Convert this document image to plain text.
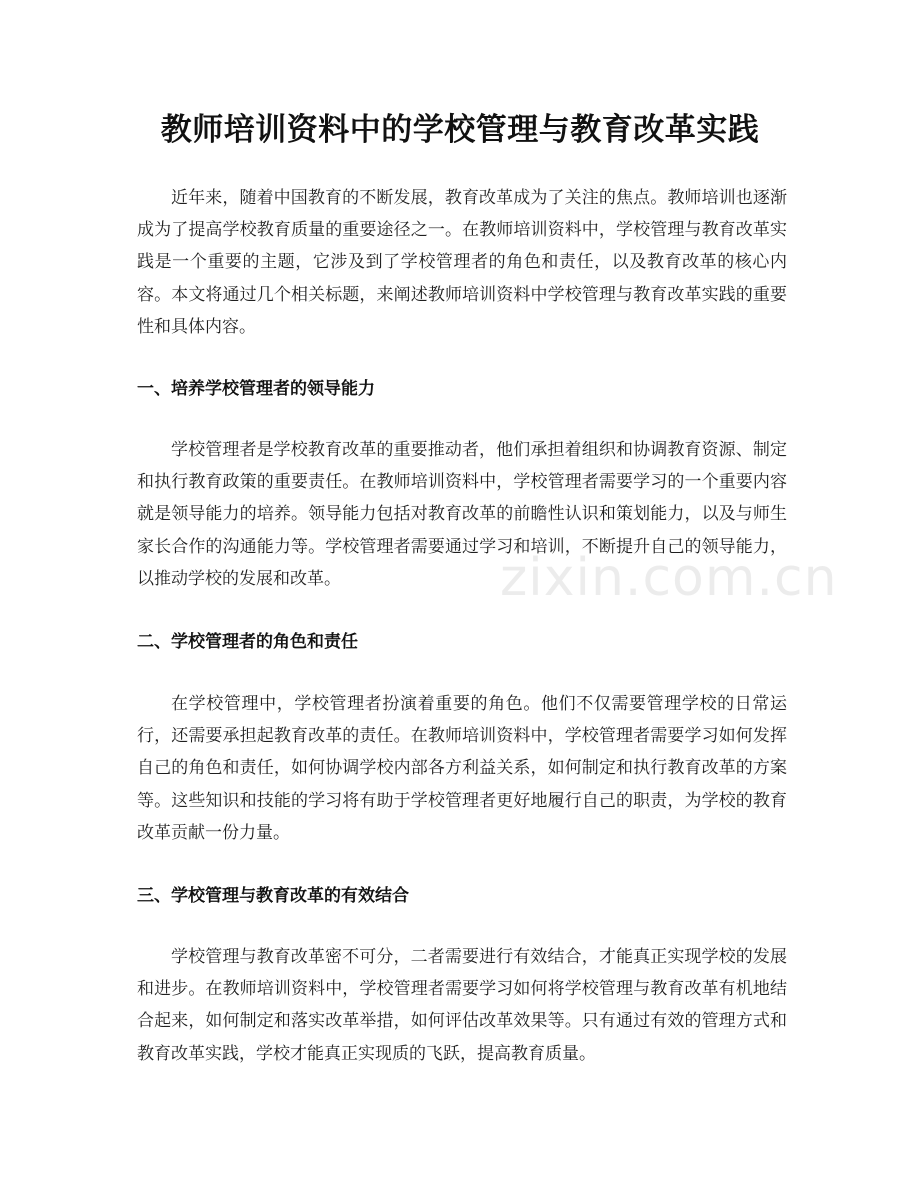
教师培训资料中的学校管理与教育改革实践

近年来，随着中国教育的不断发展，教育改革成为了关注的焦点。教师培训也逐渐成为了提高学校教育质量的重要途径之一。在教师培训资料中，学校管理与教育改革实践是一个重要的主题，它涉及到了学校管理者的角色和责任，以及教育改革的核心内容。本文将通过几个相关标题，来阐述教师培训资料中学校管理与教育改革实践的重要性和具体内容。

一、培养学校管理者的领导能力

学校管理者是学校教育改革的重要推动者，他们承担着组织和协调教育资源、制定和执行教育政策的重要责任。在教师培训资料中，学校管理者需要学习的一个重要内容就是领导能力的培养。领导能力包括对教育改革的前瞻性认识和策划能力，以及与师生家长合作的沟通能力等。学校管理者需要通过学习和培训，不断提升自己的领导能力，以推动学校的发展和改革。

二、学校管理者的角色和责任

在学校管理中，学校管理者扮演着重要的角色。他们不仅需要管理学校的日常运行，还需要承担起教育改革的责任。在教师培训资料中，学校管理者需要学习如何发挥自己的角色和责任，如何协调学校内部各方利益关系，如何制定和执行教育改革的方案等。这些知识和技能的学习将有助于学校管理者更好地履行自己的职责，为学校的教育改革贡献一份力量。

三、学校管理与教育改革的有效结合

学校管理与教育改革密不可分，二者需要进行有效结合，才能真正实现学校的发展和进步。在教师培训资料中，学校管理者需要学习如何将学校管理与教育改革有机地结合起来，如何制定和落实改革举措，如何评估改革效果等。只有通过有效的管理方式和教育改革实践，学校才能真正实现质的飞跃，提高教育质量。

zixin.com.cn
